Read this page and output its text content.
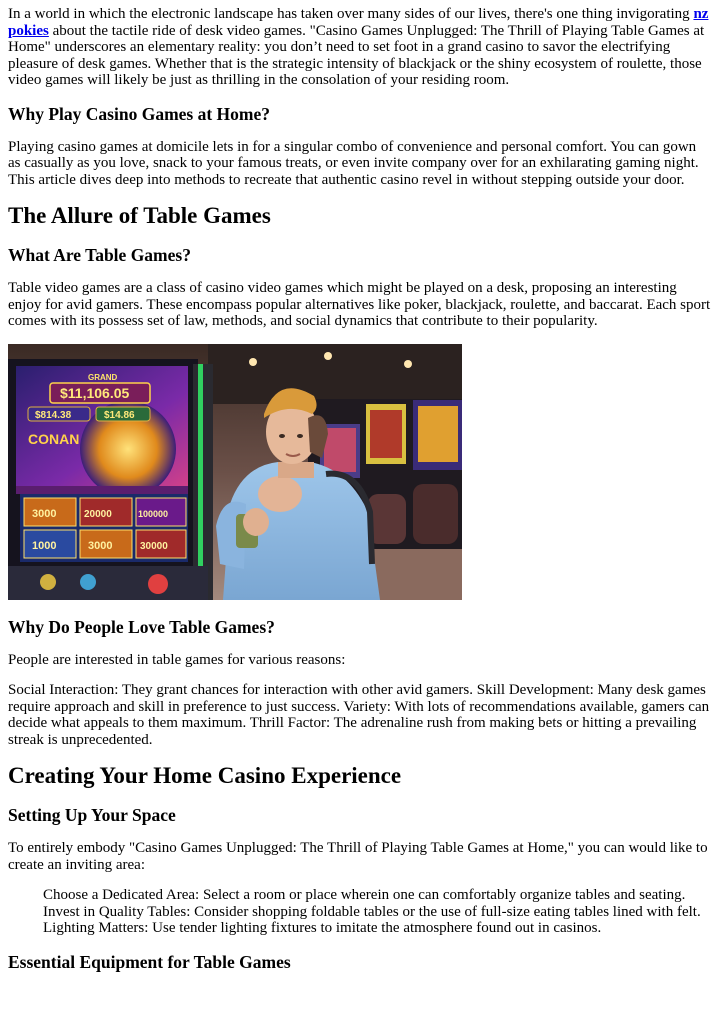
In a world in which the electronic landscape has taken over many sides of our lives, there's one thing invigorating nz pokies about the tactile ride of desk video games. "Casino Games Unplugged: The Thrill of Playing Table Games at Home" underscores an elementary reality: you don’t need to set foot in a grand casino to savor the electrifying pleasure of desk games. Whether that is the strategic intensity of blackjack or the shiny ecosystem of roulette, those video games will likely be just as thrilling in the consolation of your residing room.

Why Play Casino Games at Home?

Playing casino games at domicile lets in for a singular combo of convenience and personal comfort. You can gown as casually as you love, snack to your famous treats, or even invite company over for an exhilarating gaming night. This article dives deep into methods to recreate that authentic casino revel in without stepping outside your door.

The Allure of Table Games
What Are Table Games?

Table video games are a class of casino video games which might be played on a desk, proposing an interesting enjoy for avid gamers. These encompass popular alternatives like poker, blackjack, roulette, and baccarat. Each sport comes with its possess set of law, methods, and social dynamics that contribute to their popularity.

GRAND
$11,106.05
$814.38	$14.86
CONAN
3000	20000	100000
1000	3000	30000
Why Do People Love Table Games?

People are interested in table games for various reasons:

Social Interaction: They grant chances for interaction with other avid gamers. Skill Development: Many desk games require approach and skill in preference to just success. Variety: With lots of recommendations available, gamers can decide what appeals to them maximum. Thrill Factor: The adrenaline rush from making bets or hitting a prevailing streak is unprecedented.

Creating Your Home Casino Experience
Setting Up Your Space

To entirely embody "Casino Games Unplugged: The Thrill of Playing Table Games at Home," you can would like to create an inviting area:

Choose a Dedicated Area: Select a room or place wherein one can comfortably organize tables and seating. Invest in Quality Tables: Consider shopping foldable tables or the use of full-size eating tables lined with felt. Lighting Matters: Use tender lighting fixtures to imitate the atmosphere found out in casinos.
Essential Equipment for Table Games
